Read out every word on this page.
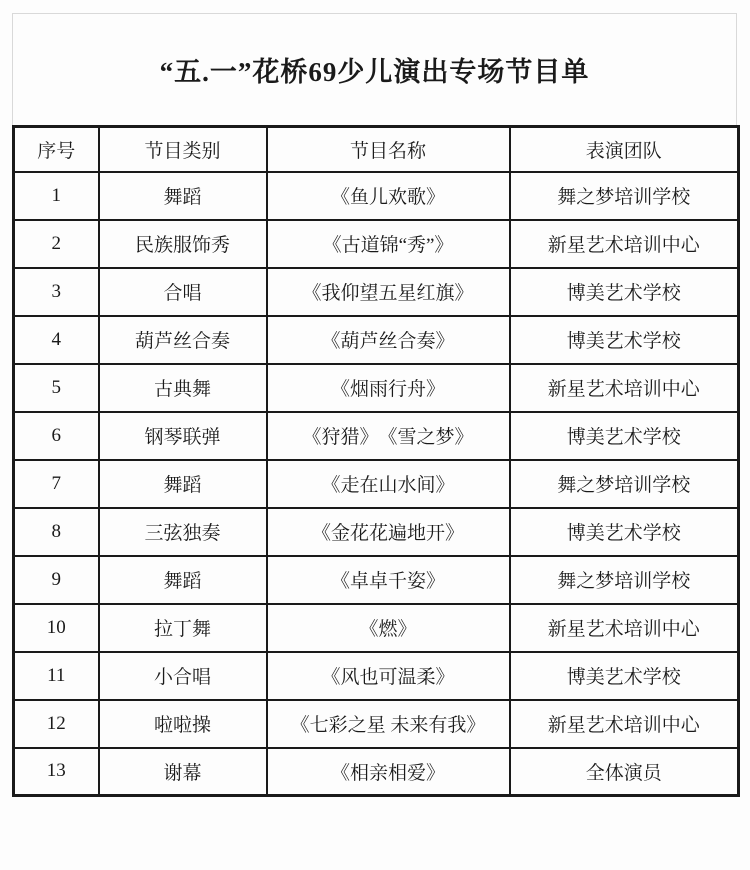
“五.一”花桥69少儿演出专场节目单
序号	节目类别	节目名称	表演团队
1	舞蹈	《鱼儿欢歌》	舞之梦培训学校
2	民族服饰秀	《古道锦“秀”》	新星艺术培训中心
3	合唱	《我仰望五星红旗》	博美艺术学校
4	葫芦丝合奏	《葫芦丝合奏》	博美艺术学校
5	古典舞	《烟雨行舟》	新星艺术培训中心
6	钢琴联弹	《狩猎》　《雪之梦》	博美艺术学校
7	舞蹈	《走在山水间》	舞之梦培训学校
8	三弦独奏	《金花花遍地开》	博美艺术学校
9	舞蹈	《卓卓千姿》	舞之梦培训学校
10	拉丁舞	《燃》	新星艺术培训中心
11	小合唱	《风也可温柔》	博美艺术学校
12	啦啦操	《七彩之星 未来有我》	新星艺术培训中心
13	谢幕	《相亲相爱》	全体演员
